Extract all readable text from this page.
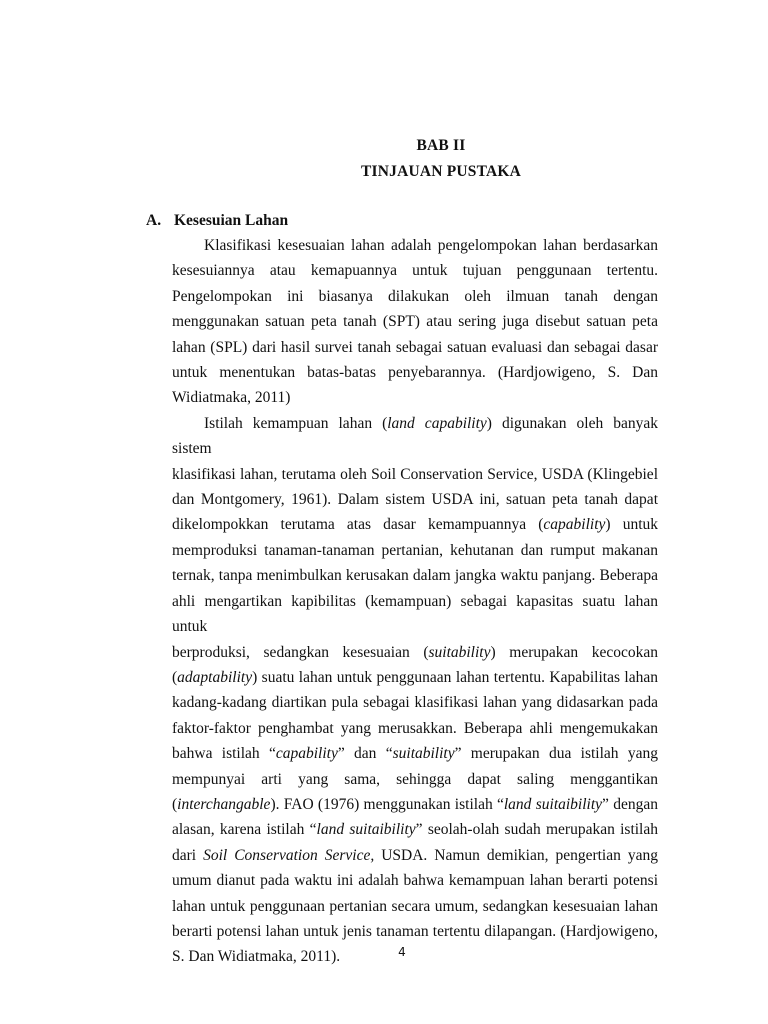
BAB II
TINJAUAN PUSTAKA
A. Kesesuian Lahan
Klasifikasi kesesuaian lahan adalah pengelompokan lahan berdasarkan
kesesuiannya atau kemapuannya untuk tujuan penggunaan tertentu.
Pengelompokan ini biasanya dilakukan oleh ilmuan tanah dengan
menggunakan satuan peta tanah (SPT) atau sering juga disebut satuan peta
lahan (SPL) dari hasil survei tanah sebagai satuan evaluasi dan sebagai dasar
untuk menentukan batas-batas penyebarannya. (Hardjowigeno, S. Dan
Widiatmaka, 2011)
Istilah kemampuan lahan (land capability) digunakan oleh banyak sistem
klasifikasi lahan, terutama oleh Soil Conservation Service, USDA (Klingebiel
dan Montgomery, 1961). Dalam sistem USDA ini, satuan peta tanah dapat
dikelompokkan terutama atas dasar kemampuannya (capability) untuk
memproduksi tanaman-tanaman pertanian, kehutanan dan rumput makanan
ternak, tanpa menimbulkan kerusakan dalam jangka waktu panjang. Beberapa
ahli mengartikan kapibilitas (kemampuan) sebagai kapasitas suatu lahan untuk
berproduksi, sedangkan kesesuaian (suitability) merupakan kecocokan
(adaptability) suatu lahan untuk penggunaan lahan tertentu. Kapabilitas lahan
kadang-kadang diartikan pula sebagai klasifikasi lahan yang didasarkan pada
faktor-faktor penghambat yang merusakkan. Beberapa ahli mengemukakan
bahwa istilah “capability” dan “suitability” merupakan dua istilah yang
mempunyai arti yang sama, sehingga dapat saling menggantikan
(interchangable). FAO (1976) menggunakan istilah “land suitaibility” dengan
alasan, karena istilah “land suitaibility” seolah-olah sudah merupakan istilah
dari Soil Conservation Service, USDA. Namun demikian, pengertian yang
umum dianut pada waktu ini adalah bahwa kemampuan lahan berarti potensi
lahan untuk penggunaan pertanian secara umum, sedangkan kesesuaian lahan
berarti potensi lahan untuk jenis tanaman tertentu dilapangan. (Hardjowigeno,
S. Dan Widiatmaka, 2011).	4
